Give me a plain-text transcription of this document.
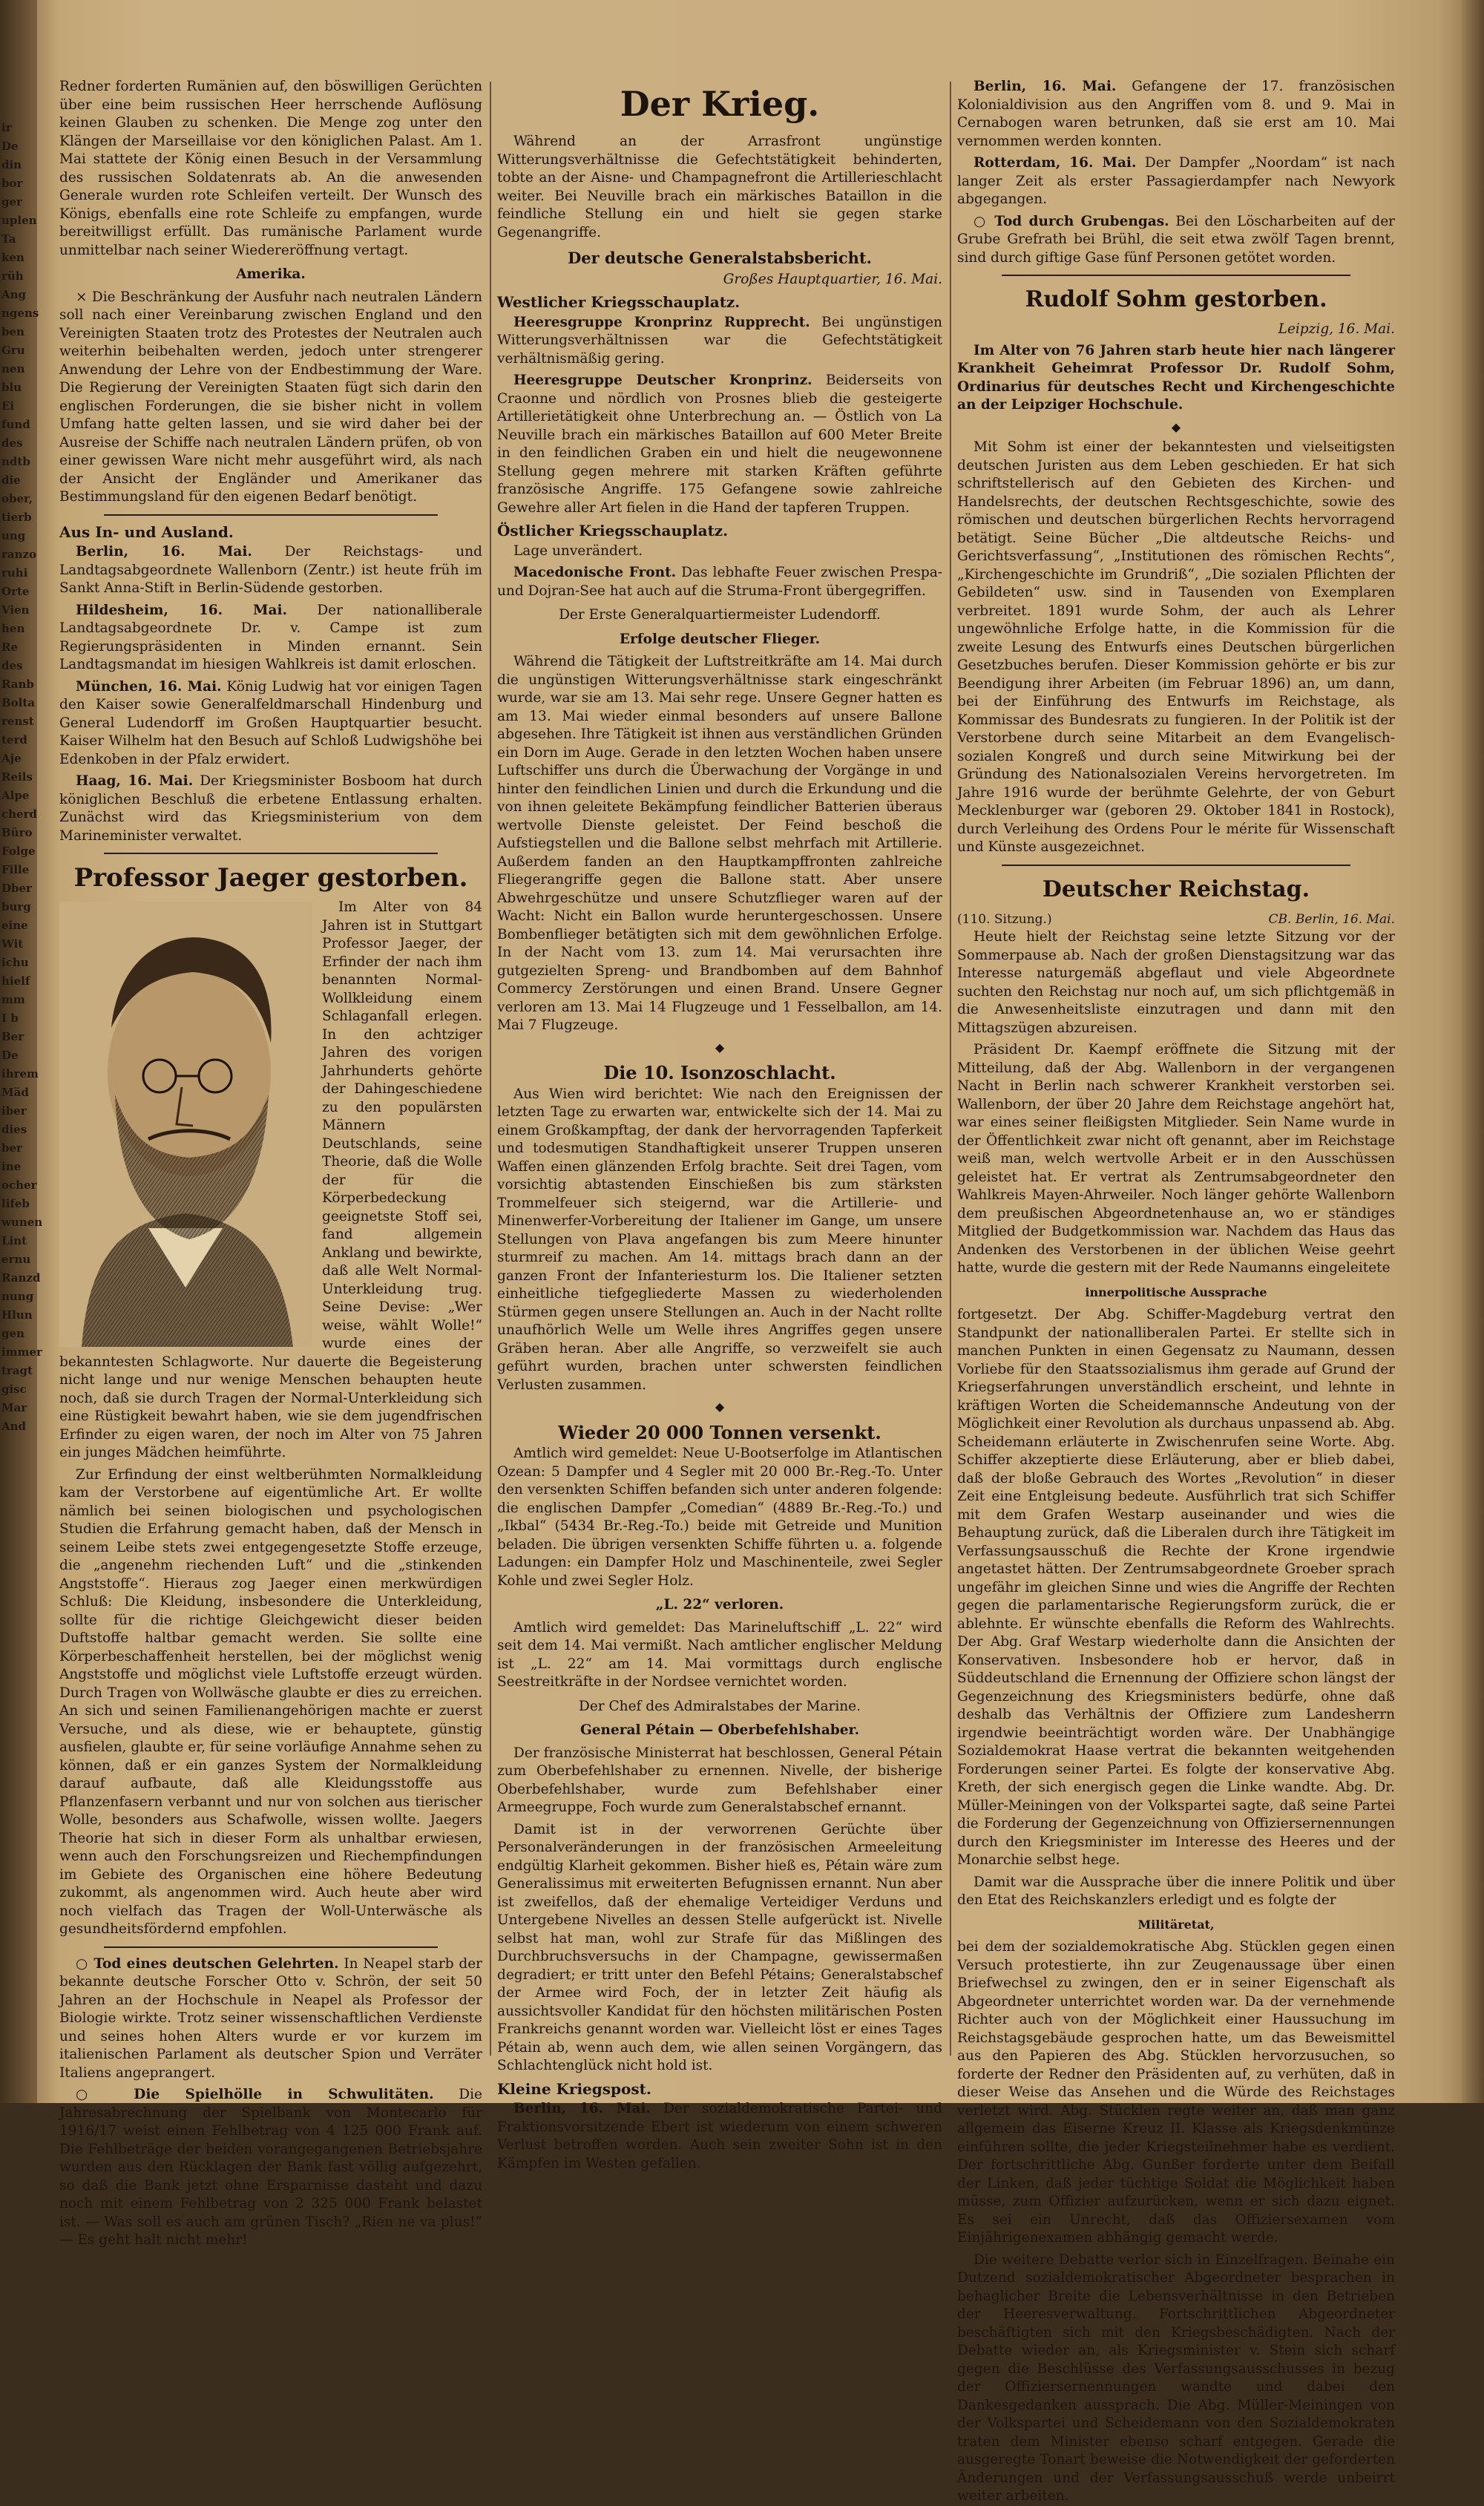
ir
De
din
bor
ger
uplen
Ta
ken
rüh
Ang
ngens
ben
Gru
nen
blu
Ei
fund
des
ndtb
die
ober,
tierb
ung
ranzo
ruhi
Orte
Vien
hen
Re
des
Ranb
Bolta
renst
terd
Aje
Reils
Alpe
cherd
Büro
Folge
Fille
Dber
burg
eine
Wit
ichu
hielf
mm
I b
Ber
De
ihrem
Mäd
iber
dies
ber
ine
ocher
lifeb
wunen
Lint
ernu
Ranzd
nung
Hlun
gen
immer
tragt
gisc
Mar
And

Redner forderten Rumänien auf, den böswilligen Gerüchten über eine beim russischen Heer herrschende Auflösung keinen Glauben zu schenken. Die Menge zog unter den Klängen der Marseillaise vor den königlichen Palast. Am 1. Mai stattete der König einen Besuch in der Versammlung des russischen Soldatenrats ab. An die anwesenden Generale wurden rote Schleifen verteilt. Der Wunsch des Königs, ebenfalls eine rote Schleife zu empfangen, wurde bereitwilligst erfüllt. Das rumänische Parlament wurde unmittelbar nach seiner Wiedereröffnung vertagt.

Amerika.

× Die Beschränkung der Ausfuhr nach neutralen Ländern soll nach einer Vereinbarung zwischen England und den Vereinigten Staaten trotz des Protestes der Neutralen auch weiterhin beibehalten werden, jedoch unter strengerer Anwendung der Lehre von der Endbestimmung der Ware. Die Regierung der Vereinigten Staaten fügt sich darin den englischen Forderungen, die sie bisher nicht in vollem Umfang hatte gelten lassen, und sie wird daher bei der Ausreise der Schiffe nach neutralen Ländern prüfen, ob von einer gewissen Ware nicht mehr ausgeführt wird, als nach der Ansicht der Engländer und Amerikaner das Bestimmungsland für den eigenen Bedarf benötigt.

Aus In- und Ausland.

Berlin, 16. Mai. Der Reichstags- und Landtagsabgeordnete Wallenborn (Zentr.) ist heute früh im Sankt Anna-Stift in Berlin-Südende gestorben.

Hildesheim, 16. Mai. Der nationalliberale Landtagsabgeordnete Dr. v. Campe ist zum Regierungspräsidenten in Minden ernannt. Sein Landtagsmandat im hiesigen Wahlkreis ist damit erloschen.

München, 16. Mai. König Ludwig hat vor einigen Tagen den Kaiser sowie Generalfeldmarschall Hindenburg und General Ludendorff im Großen Hauptquartier besucht. Kaiser Wilhelm hat den Besuch auf Schloß Ludwigshöhe bei Edenkoben in der Pfalz erwidert.

Haag, 16. Mai. Der Kriegsminister Bosboom hat durch königlichen Beschluß die erbetene Entlassung erhalten. Zunächst wird das Kriegsministerium von dem Marineminister verwaltet.

Professor Jaeger gestorben.

Im Alter von 84 Jahren ist in Stuttgart Professor Jaeger, der Erfinder der nach ihm benannten Normal-Wollkleidung einem Schlaganfall erlegen. In den achtziger Jahren des vorigen Jahrhunderts gehörte der Dahingeschiedene zu den populärsten Männern Deutschlands, seine Theorie, daß die Wolle der für die Körperbedeckung geeignetste Stoff sei, fand allgemein Anklang und bewirkte, daß alle Welt Normal-Unterkleidung trug. Seine Devise: „Wer weise, wählt Wolle!“ wurde eines der bekanntesten Schlagworte. Nur dauerte die Begeisterung nicht lange und nur wenige Menschen behaupten heute noch, daß sie durch Tragen der Normal-Unterkleidung sich eine Rüstigkeit bewahrt haben, wie sie dem jugendfrischen Erfinder zu eigen waren, der noch im Alter von 75 Jahren ein junges Mädchen heimführte.

Zur Erfindung der einst weltberühmten Normalkleidung kam der Verstorbene auf eigentümliche Art. Er wollte nämlich bei seinen biologischen und psychologischen Studien die Erfahrung gemacht haben, daß der Mensch in seinem Leibe stets zwei entgegengesetzte Stoffe erzeuge, die „angenehm riechenden Luft“ und die „stinkenden Angststoffe“. Hieraus zog Jaeger einen merkwürdigen Schluß: Die Kleidung, insbesondere die Unterkleidung, sollte für die richtige Gleichgewicht dieser beiden Duftstoffe haltbar gemacht werden. Sie sollte eine Körperbeschaffenheit herstellen, bei der möglichst wenig Angststoffe und möglichst viele Luftstoffe erzeugt würden. Durch Tragen von Wollwäsche glaubte er dies zu erreichen. An sich und seinen Familienangehörigen machte er zuerst Versuche, und als diese, wie er behauptete, günstig ausfielen, glaubte er, für seine vorläufige Annahme sehen zu können, daß er ein ganzes System der Normalkleidung darauf aufbaute, daß alle Kleidungsstoffe aus Pflanzenfasern verbannt und nur von solchen aus tierischer Wolle, besonders aus Schafwolle, wissen wollte. Jaegers Theorie hat sich in dieser Form als unhaltbar erwiesen, wenn auch den Forschungsreizen und Riechempfindungen im Gebiete des Organischen eine höhere Bedeutung zukommt, als angenommen wird. Auch heute aber wird noch vielfach das Tragen der Woll-Unterwäsche als gesundheitsfördernd empfohlen.

○ Tod eines deutschen Gelehrten. In Neapel starb der bekannte deutsche Forscher Otto v. Schrön, der seit 50 Jahren an der Hochschule in Neapel als Professor der Biologie wirkte. Trotz seiner wissenschaftlichen Verdienste und seines hohen Alters wurde er vor kurzem im italienischen Parlament als deutscher Spion und Verräter Italiens angeprangert.

○ Die Spielhölle in Schwulitäten. Die Jahresabrechnung der Spielbank von Montecarlo für 1916/17 weist einen Fehlbetrag von 4 125 000 Frank auf. Die Fehlbeträge der beiden vorangegangenen Betriebsjahre wurden aus den Rücklagen der Bank fast völlig aufgezehrt, so daß die Bank jetzt ohne Ersparnisse dasteht und dazu noch mit einem Fehlbetrag von 2 325 000 Frank belastet ist. — Was soll es auch am grünen Tisch? „Rien ne va plus!“ — Es geht halt nicht mehr!

Der Krieg.

Während an der Arrasfront ungünstige Witterungsverhältnisse die Gefechtstätigkeit behinderten, tobte an der Aisne- und Champagnefront die Artillerieschlacht weiter. Bei Neuville brach ein märkisches Bataillon in die feindliche Stellung ein und hielt sie gegen starke Gegenangriffe.

Der deutsche Generalstabsbericht.
Großes Hauptquartier, 16. Mai.
Westlicher Kriegsschauplatz.

Heeresgruppe Kronprinz Rupprecht. Bei ungünstigen Witterungsverhältnissen war die Gefechtstätigkeit verhältnismäßig gering.

Heeresgruppe Deutscher Kronprinz. Beiderseits von Craonne und nördlich von Prosnes blieb die gesteigerte Artillerietätigkeit ohne Unterbrechung an. — Östlich von La Neuville brach ein märkisches Bataillon auf 600 Meter Breite in den feindlichen Graben ein und hielt die neugewonnene Stellung gegen mehrere mit starken Kräften geführte französische Angriffe. 175 Gefangene sowie zahlreiche Gewehre aller Art fielen in die Hand der tapferen Truppen.

Östlicher Kriegsschauplatz.

Lage unverändert.

Macedonische Front. Das lebhafte Feuer zwischen Prespa- und Dojran-See hat auch auf die Struma-Front übergegriffen.

Der Erste Generalquartiermeister Ludendorff.
Erfolge deutscher Flieger.

Während die Tätigkeit der Luftstreitkräfte am 14. Mai durch die ungünstigen Witterungsverhältnisse stark eingeschränkt wurde, war sie am 13. Mai sehr rege. Unsere Gegner hatten es am 13. Mai wieder einmal besonders auf unsere Ballone abgesehen. Ihre Tätigkeit ist ihnen aus verständlichen Gründen ein Dorn im Auge. Gerade in den letzten Wochen haben unsere Luftschiffer uns durch die Überwachung der Vorgänge in und hinter den feindlichen Linien und durch die Erkundung und die von ihnen geleitete Bekämpfung feindlicher Batterien überaus wertvolle Dienste geleistet. Der Feind beschoß die Aufstiegstellen und die Ballone selbst mehrfach mit Artillerie. Außerdem fanden an den Hauptkampffronten zahlreiche Fliegerangriffe gegen die Ballone statt. Aber unsere Abwehrgeschütze und unsere Schutzflieger waren auf der Wacht: Nicht ein Ballon wurde heruntergeschossen. Unsere Bombenflieger betätigten sich mit dem gewöhnlichen Erfolge. In der Nacht vom 13. zum 14. Mai verursachten ihre gutgezielten Spreng- und Brandbomben auf dem Bahnhof Commercy Zerstörungen und einen Brand. Unsere Gegner verloren am 13. Mai 14 Flugzeuge und 1 Fesselballon, am 14. Mai 7 Flugzeuge.

◆
Die 10. Isonzoschlacht.

Aus Wien wird berichtet: Wie nach den Ereignissen der letzten Tage zu erwarten war, entwickelte sich der 14. Mai zu einem Großkampftag, der dank der hervorragenden Tapferkeit und todesmutigen Standhaftigkeit unserer Truppen unseren Waffen einen glänzenden Erfolg brachte. Seit drei Tagen, vom vorsichtig abtastenden Einschießen bis zum stärksten Trommelfeuer sich steigernd, war die Artillerie- und Minenwerfer-Vorbereitung der Italiener im Gange, um unsere Stellungen von Plava angefangen bis zum Meere hinunter sturmreif zu machen. Am 14. mittags brach dann an der ganzen Front der Infanteriesturm los. Die Italiener setzten einheitliche tiefgegliederte Massen zu wiederholenden Stürmen gegen unsere Stellungen an. Auch in der Nacht rollte unaufhörlich Welle um Welle ihres Angriffes gegen unsere Gräben heran. Aber alle Angriffe, so verzweifelt sie auch geführt wurden, brachen unter schwersten feindlichen Verlusten zusammen.

◆
Wieder 20 000 Tonnen versenkt.

Amtlich wird gemeldet: Neue U-Bootserfolge im Atlantischen Ozean: 5 Dampfer und 4 Segler mit 20 000 Br.-Reg.-To. Unter den versenkten Schiffen befanden sich unter anderen folgende: die englischen Dampfer „Comedian“ (4889 Br.-Reg.-To.) und „Ikbal“ (5434 Br.-Reg.-To.) beide mit Getreide und Munition beladen. Die übrigen versenkten Schiffe führten u. a. folgende Ladungen: ein Dampfer Holz und Maschinenteile, zwei Segler Kohle und zwei Segler Holz.

„L. 22“ verloren.

Amtlich wird gemeldet: Das Marineluftschiff „L. 22“ wird seit dem 14. Mai vermißt. Nach amtlicher englischer Meldung ist „L. 22“ am 14. Mai vormittags durch englische Seestreitkräfte in der Nordsee vernichtet worden.

Der Chef des Admiralstabes der Marine.
General Pétain — Oberbefehlshaber.

Der französische Ministerrat hat beschlossen, General Pétain zum Oberbefehlshaber zu ernennen. Nivelle, der bisherige Oberbefehlshaber, wurde zum Befehlshaber einer Armeegruppe, Foch wurde zum Generalstabschef ernannt.

Damit ist in der verworrenen Gerüchte über Personalveränderungen in der französischen Armeeleitung endgültig Klarheit gekommen. Bisher hieß es, Pétain wäre zum Generalissimus mit erweiterten Befugnissen ernannt. Nun aber ist zweifellos, daß der ehemalige Verteidiger Verduns und Untergebene Nivelles an dessen Stelle aufgerückt ist. Nivelle selbst hat man, wohl zur Strafe für das Mißlingen des Durchbruchsversuchs in der Champagne, gewissermaßen degradiert; er tritt unter den Befehl Pétains; Generalstabschef der Armee wird Foch, der in letzter Zeit häufig als aussichtsvoller Kandidat für den höchsten militärischen Posten Frankreichs genannt worden war. Vielleicht löst er eines Tages Pétain ab, wenn auch dem, wie allen seinen Vorgängern, das Schlachtenglück nicht hold ist.

Kleine Kriegspost.

Berlin, 16. Mai. Der sozialdemokratische Partei- und Fraktionsvorsitzende Ebert ist wiederum von einem schweren Verlust betroffen worden. Auch sein zweiter Sohn ist in den Kämpfen im Westen gefallen.

Berlin, 16. Mai. Gefangene der 17. französischen Kolonialdivision aus den Angriffen vom 8. und 9. Mai in Cernabogen waren betrunken, daß sie erst am 10. Mai vernommen werden konnten.

Rotterdam, 16. Mai. Der Dampfer „Noordam“ ist nach langer Zeit als erster Passagierdampfer nach Newyork abgegangen.

○ Tod durch Grubengas. Bei den Löscharbeiten auf der Grube Grefrath bei Brühl, die seit etwa zwölf Tagen brennt, sind durch giftige Gase fünf Personen getötet worden.

Rudolf Sohm gestorben.
Leipzig, 16. Mai.

Im Alter von 76 Jahren starb heute hier nach längerer Krankheit Geheimrat Professor Dr. Rudolf Sohm, Ordinarius für deutsches Recht und Kirchengeschichte an der Leipziger Hochschule.

◆

Mit Sohm ist einer der bekanntesten und vielseitigsten deutschen Juristen aus dem Leben geschieden. Er hat sich schriftstellerisch auf den Gebieten des Kirchen- und Handelsrechts, der deutschen Rechtsgeschichte, sowie des römischen und deutschen bürgerlichen Rechts hervorragend betätigt. Seine Bücher „Die altdeutsche Reichs- und Gerichtsverfassung“, „Institutionen des römischen Rechts“, „Kirchengeschichte im Grundriß“, „Die sozialen Pflichten der Gebildeten“ usw. sind in Tausenden von Exemplaren verbreitet. 1891 wurde Sohm, der auch als Lehrer ungewöhnliche Erfolge hatte, in die Kommission für die zweite Lesung des Entwurfs eines Deutschen bürgerlichen Gesetzbuches berufen. Dieser Kommission gehörte er bis zur Beendigung ihrer Arbeiten (im Februar 1896) an, um dann, bei der Einführung des Entwurfs im Reichstage, als Kommissar des Bundesrats zu fungieren. In der Politik ist der Verstorbene durch seine Mitarbeit an dem Evangelisch-sozialen Kongreß und durch seine Mitwirkung bei der Gründung des Nationalsozialen Vereins hervorgetreten. Im Jahre 1916 wurde der berühmte Gelehrte, der von Geburt Mecklenburger war (geboren 29. Oktober 1841 in Rostock), durch Verleihung des Ordens Pour le mérite für Wissenschaft und Künste ausgezeichnet.

Deutscher Reichstag.
(110. Sitzung.)	CB. Berlin, 16. Mai.

Heute hielt der Reichstag seine letzte Sitzung vor der Sommerpause ab. Nach der großen Dienstagsitzung war das Interesse naturgemäß abgeflaut und viele Abgeordnete suchten den Reichstag nur noch auf, um sich pflichtgemäß in die Anwesenheitsliste einzutragen und dann mit den Mittagszügen abzureisen.

Präsident Dr. Kaempf eröffnete die Sitzung mit der Mitteilung, daß der Abg. Wallenborn in der vergangenen Nacht in Berlin nach schwerer Krankheit verstorben sei. Wallenborn, der über 20 Jahre dem Reichstage angehört hat, war eines seiner fleißigsten Mitglieder. Sein Name wurde in der Öffentlichkeit zwar nicht oft genannt, aber im Reichstage weiß man, welch wertvolle Arbeit er in den Ausschüssen geleistet hat. Er vertrat als Zentrumsabgeordneter den Wahlkreis Mayen-Ahrweiler. Noch länger gehörte Wallenborn dem preußischen Abgeordnetenhause an, wo er ständiges Mitglied der Budgetkommission war. Nachdem das Haus das Andenken des Verstorbenen in der üblichen Weise geehrt hatte, wurde die gestern mit der Rede Naumanns eingeleitete

innerpolitische Aussprache

fortgesetzt. Der Abg. Schiffer-Magdeburg vertrat den Standpunkt der nationalliberalen Partei. Er stellte sich in manchen Punkten in einen Gegensatz zu Naumann, dessen Vorliebe für den Staatssozialismus ihm gerade auf Grund der Kriegserfahrungen unverständlich erscheint, und lehnte in kräftigen Worten die Scheidemannsche Andeutung von der Möglichkeit einer Revolution als durchaus unpassend ab. Abg. Scheidemann erläuterte in Zwischenrufen seine Worte. Abg. Schiffer akzeptierte diese Erläuterung, aber er blieb dabei, daß der bloße Gebrauch des Wortes „Revolution“ in dieser Zeit eine Entgleisung bedeute. Ausführlich trat sich Schiffer mit dem Grafen Westarp auseinander und wies die Behauptung zurück, daß die Liberalen durch ihre Tätigkeit im Verfassungsausschuß die Rechte der Krone irgendwie angetastet hätten. Der Zentrumsabgeordnete Groeber sprach ungefähr im gleichen Sinne und wies die Angriffe der Rechten gegen die parlamentarische Regierungsform zurück, die er ablehnte. Er wünschte ebenfalls die Reform des Wahlrechts. Der Abg. Graf Westarp wiederholte dann die Ansichten der Konservativen. Insbesondere hob er hervor, daß in Süddeutschland die Ernennung der Offiziere schon längst der Gegenzeichnung des Kriegsministers bedürfe, ohne daß deshalb das Verhältnis der Offiziere zum Landesherrn irgendwie beeinträchtigt worden wäre. Der Unabhängige Sozialdemokrat Haase vertrat die bekannten weitgehenden Forderungen seiner Partei. Es folgte der konservative Abg. Kreth, der sich energisch gegen die Linke wandte. Abg. Dr. Müller-Meiningen von der Volkspartei sagte, daß seine Partei die Forderung der Gegenzeichnung von Offiziersernennungen durch den Kriegsminister im Interesse des Heeres und der Monarchie selbst hege.

Damit war die Aussprache über die innere Politik und über den Etat des Reichskanzlers erledigt und es folgte der

Militäretat,

bei dem der sozialdemokratische Abg. Stücklen gegen einen Versuch protestierte, ihn zur Zeugenaussage über einen Briefwechsel zu zwingen, den er in seiner Eigenschaft als Abgeordneter unterrichtet worden war. Da der vernehmende Richter auch von der Möglichkeit einer Haussuchung im Reichstagsgebäude gesprochen hatte, um das Beweismittel aus den Papieren des Abg. Stücklen hervorzusuchen, so forderte der Redner den Präsidenten auf, zu verhüten, daß in dieser Weise das Ansehen und die Würde des Reichstages verletzt wird. Abg. Stücklen regte weiter an, daß man ganz allgemein das Eiserne Kreuz II. Klasse als Kriegsdenkmünze einführen sollte, die jeder Kriegsteilnehmer habe es verdient. Der fortschrittliche Abg. Gunßer forderte unter dem Beifall der Linken, daß jeder tüchtige Soldat die Möglichkeit haben müsse, zum Offizier aufzurücken, wenn er sich dazu eignet. Es sei ein Unrecht, daß das Offiziersexamen vom Einjährigenexamen abhängig gemacht werde.

Die weitere Debatte verlor sich in Einzelfragen. Beinahe ein Dutzend sozialdemokratischer Abgeordneter besprachen in behaglicher Breite die Lebensverhältnisse in den Betrieben der Heeresverwaltung. Fortschrittlichen Abgeordneter beschäftigten sich mit den Kriegsbeschädigten. Nach der Debatte wieder an, als Kriegsminister v. Stein sich scharf gegen die Beschlüsse des Verfassungsausschusses in bezug der Offiziersernennungen wandte und dabei den Dankesgedanken aussprach. Die Abg. Müller-Meiningen von der Volkspartei und Scheidemann von den Sozialdemokraten traten dem Minister ebenso scharf entgegen. Gerade die ausgeregte Tonart beweise die Notwendigkeit der geforderten Änderungen und der Verfassungsausschuß werde unbeirrt weiter arbeiten.
